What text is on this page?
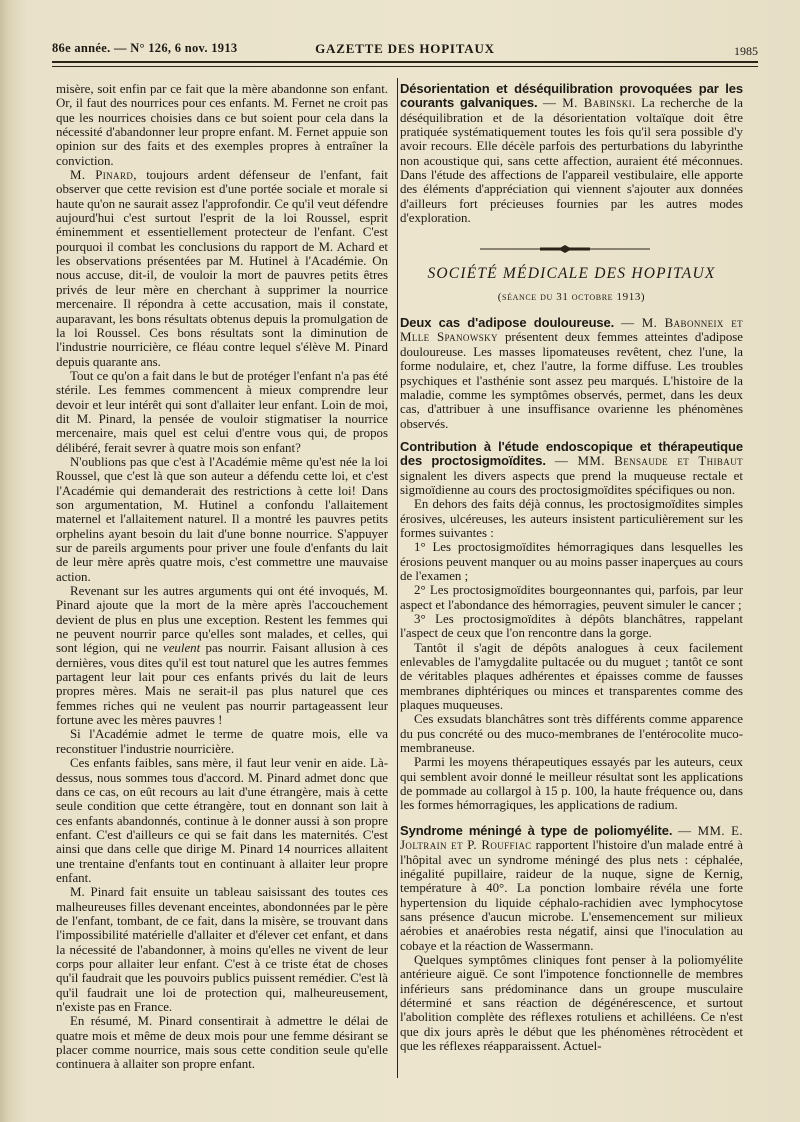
86e année. — N° 126, 6 nov. 1913	GAZETTE DES HOPITAUX	1985

misère, soit enfin par ce fait que la mère abandonne son enfant. Or, il faut des nourrices pour ces enfants. M. Fernet ne croit pas que les nourrices choisies dans ce but soient pour cela dans la nécessité d'abandonner leur propre enfant. M. Fernet appuie son opinion sur des faits et des exemples propres à entraîner la conviction.

M. Pinard, toujours ardent défenseur de l'enfant, fait observer que cette revision est d'une portée sociale et morale si haute qu'on ne saurait assez l'approfondir. Ce qu'il veut défendre aujourd'hui c'est surtout l'esprit de la loi Roussel, esprit éminemment et essentiellement protecteur de l'enfant. C'est pourquoi il combat les conclusions du rapport de M. Achard et les observations présentées par M. Hutinel à l'Académie. On nous accuse, dit-il, de vouloir la mort de pauvres petits êtres privés de leur mère en cherchant à supprimer la nourrice mercenaire. Il répondra à cette accusation, mais il constate, auparavant, les bons résultats obtenus depuis la promulgation de la loi Roussel. Ces bons résultats sont la diminution de l'industrie nourricière, ce fléau contre lequel s'élève M. Pinard depuis quarante ans.

Tout ce qu'on a fait dans le but de protéger l'enfant n'a pas été stérile. Les femmes commencent à mieux comprendre leur devoir et leur intérêt qui sont d'allaiter leur enfant. Loin de moi, dit M. Pinard, la pensée de vouloir stigmatiser la nourrice mercenaire, mais quel est celui d'entre vous qui, de propos délibéré, ferait sevrer à quatre mois son enfant?

N'oublions pas que c'est à l'Académie même qu'est née la loi Roussel, que c'est là que son auteur a défendu cette loi, et c'est l'Académie qui demanderait des restrictions à cette loi! Dans son argumentation, M. Hutinel a confondu l'allaitement maternel et l'allaitement naturel. Il a montré les pauvres petits orphelins ayant besoin du lait d'une bonne nourrice. S'appuyer sur de pareils arguments pour priver une foule d'enfants du lait de leur mère après quatre mois, c'est commettre une mauvaise action.

Revenant sur les autres arguments qui ont été invoqués, M. Pinard ajoute que la mort de la mère après l'accouchement devient de plus en plus une exception. Restent les femmes qui ne peuvent nourrir parce qu'elles sont malades, et celles, qui sont légion, qui ne veulent pas nourrir. Faisant allusion à ces dernières, vous dites qu'il est tout naturel que les autres femmes partagent leur lait pour ces enfants privés du lait de leurs propres mères. Mais ne serait-il pas plus naturel que ces femmes riches qui ne veulent pas nourrir partageassent leur fortune avec les mères pauvres !

Si l'Académie admet le terme de quatre mois, elle va reconstituer l'industrie nourricière.

Ces enfants faibles, sans mère, il faut leur venir en aide. Là-dessus, nous sommes tous d'accord. M. Pinard admet donc que dans ce cas, on eût recours au lait d'une étrangère, mais à cette seule condition que cette étrangère, tout en donnant son lait à ces enfants abandonnés, continue à le donner aussi à son propre enfant. C'est d'ailleurs ce qui se fait dans les maternités. C'est ainsi que dans celle que dirige M. Pinard 14 nourrices allaitent une trentaine d'enfants tout en continuant à allaiter leur propre enfant.

M. Pinard fait ensuite un tableau saisissant des toutes ces malheureuses filles devenant enceintes, abondonnées par le père de l'enfant, tombant, de ce fait, dans la misère, se trouvant dans l'impossibilité matérielle d'allaiter et d'élever cet enfant, et dans la nécessité de l'abandonner, à moins qu'elles ne vivent de leur corps pour allaiter leur enfant. C'est à ce triste état de choses qu'il faudrait que les pouvoirs publics puissent remédier. C'est là qu'il faudrait une loi de protection qui, malheureusement, n'existe pas en France.

En résumé, M. Pinard consentirait à admettre le délai de quatre mois et même de deux mois pour une femme désirant se placer comme nourrice, mais sous cette condition seule qu'elle continuera à allaiter son propre enfant.

Désorientation et déséquilibration provoquées par les courants galvaniques. — M. Babinski. La recherche de la déséquilibration et de la désorientation voltaïque doit être pratiquée systématiquement toutes les fois qu'il sera possible d'y avoir recours. Elle décèle parfois des perturbations du labyrinthe non acoustique qui, sans cette affection, auraient été méconnues. Dans l'étude des affections de l'appareil vestibulaire, elle apporte des éléments d'appréciation qui viennent s'ajouter aux données d'ailleurs fort précieuses fournies par les autres modes d'exploration.

SOCIÉTÉ MÉDICALE DES HOPITAUX
(séance du 31 octobre 1913)

Deux cas d'adipose douloureuse. — M. Babonneix et Mlle Spanowsky présentent deux femmes atteintes d'adipose douloureuse. Les masses lipomateuses revêtent, chez l'une, la forme nodulaire, et, chez l'autre, la forme diffuse. Les troubles psychiques et l'asthénie sont assez peu marqués. L'histoire de la maladie, comme les symptômes observés, permet, dans les deux cas, d'attribuer à une insuffisance ovarienne les phénomènes observés.

Contribution à l'étude endoscopique et thérapeutique des proctosigmoïdites. — MM. Bensaude et Thibaut signalent les divers aspects que prend la muqueuse rectale et sigmoïdienne au cours des proctosigmoïdites spécifiques ou non.

En dehors des faits déjà connus, les proctosigmoïdites simples érosives, ulcéreuses, les auteurs insistent particulièrement sur les formes suivantes :

1° Les proctosigmoïdites hémorragiques dans lesquelles les érosions peuvent manquer ou au moins passer inaperçues au cours de l'examen ;

2° Les proctosigmoïdites bourgeonnantes qui, parfois, par leur aspect et l'abondance des hémorragies, peuvent simuler le cancer ;

3° Les proctosigmoïdites à dépôts blanchâtres, rappelant l'aspect de ceux que l'on rencontre dans la gorge.

Tantôt il s'agit de dépôts analogues à ceux facilement enlevables de l'amygdalite pultacée ou du muguet ; tantôt ce sont de véritables plaques adhérentes et épaisses comme de fausses membranes diphtériques ou minces et transparentes comme des plaques muqueuses.

Ces exsudats blanchâtres sont très différents comme apparence du pus concrété ou des muco-membranes de l'entérocolite muco-membraneuse.

Parmi les moyens thérapeutiques essayés par les auteurs, ceux qui semblent avoir donné le meilleur résultat sont les applications de pommade au collargol à 15 p. 100, la haute fréquence ou, dans les formes hémorragiques, les applications de radium.

Syndrome méningé à type de poliomyélite. — MM. E. Joltrain et P. Rouffiac rapportent l'histoire d'un malade entré à l'hôpital avec un syndrome méningé des plus nets : céphalée, inégalité pupillaire, raideur de la nuque, signe de Kernig, température à 40°. La ponction lombaire révéla une forte hypertension du liquide céphalo-rachidien avec lymphocytose sans présence d'aucun microbe. L'ensemencement sur milieux aérobies et anaérobies resta négatif, ainsi que l'inoculation au cobaye et la réaction de Wassermann.

Quelques symptômes cliniques font penser à la poliomyélite antérieure aiguë. Ce sont l'impotence fonctionnelle de membres inférieurs sans prédominance dans un groupe musculaire déterminé et sans réaction de dégénérescence, et surtout l'abolition complète des réflexes rotuliens et achilléens. Ce n'est que dix jours après le début que les phénomènes rétrocèdent et que les réflexes réapparaissent. Actuel-
